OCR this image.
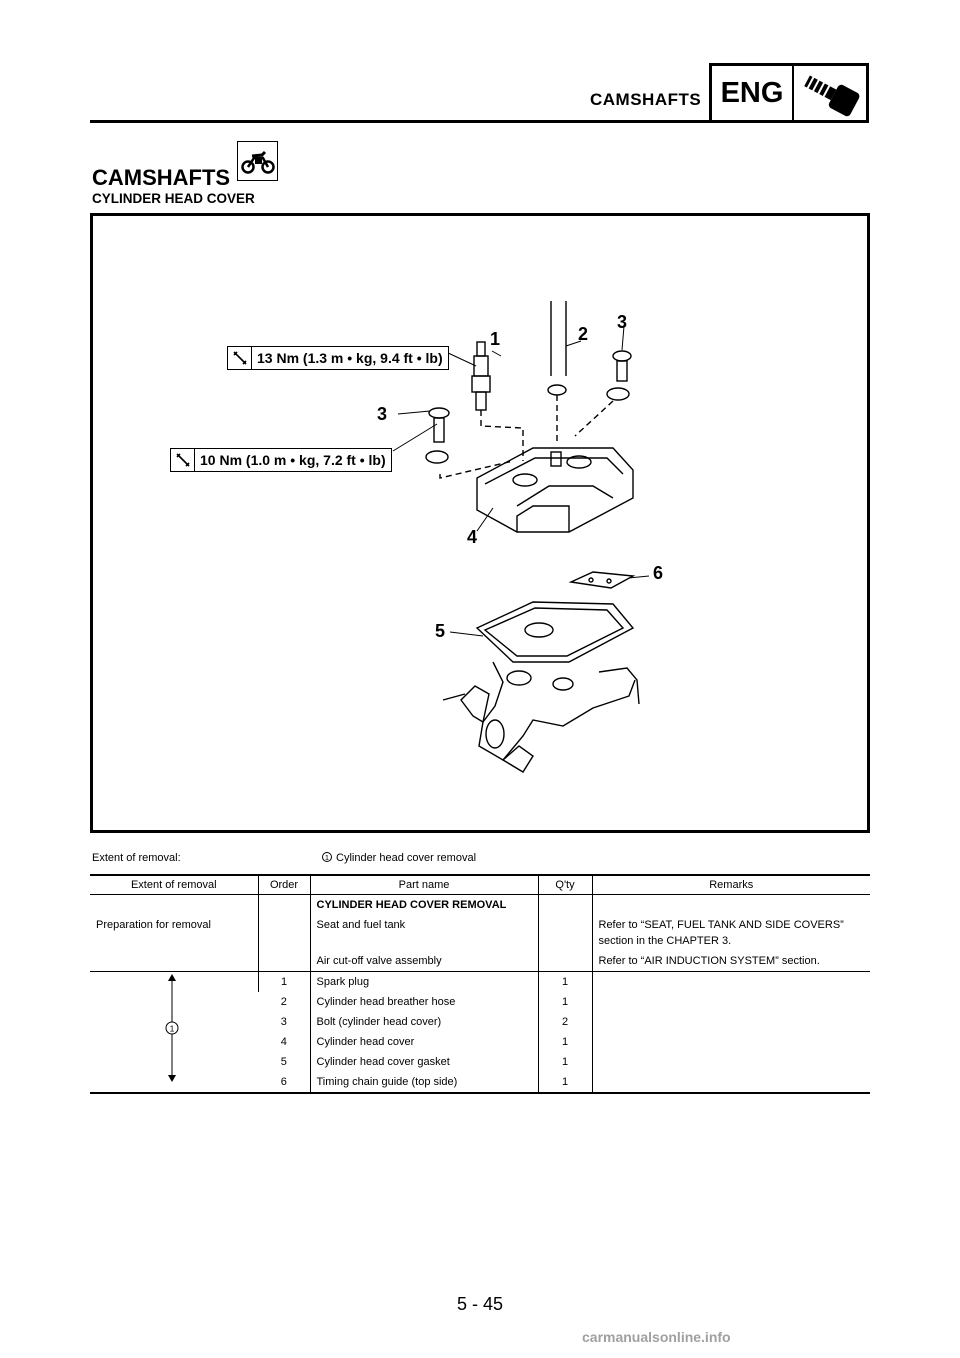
CAMSHAFTS ENG
CAMSHAFTS
CYLINDER HEAD COVER
13 Nm (1.3 m • kg, 9.4 ft • lb)
10 Nm (1.0 m • kg, 7.2 ft • lb)
1	2
3
3
4
5
6
Extent of removal:	1 Cylinder head cover removal
Extent of removal	Order	Part name	Q'ty	Remarks
		CYLINDER HEAD COVER REMOVAL		
Preparation for removal		Seat and fuel tank		Refer to “SEAT, FUEL TANK AND SIDE COVERS” section in the CHAPTER 3.
		Air cut-off valve assembly		Refer to “AIR INDUCTION SYSTEM” section.

1	1	Spark plug	1	
	2	Cylinder head breather hose	1	
	3	Bolt (cylinder head cover)	2	
	4	Cylinder head cover	1	
	5	Cylinder head cover gasket	1	
	6	Timing chain guide (top side)	1	
5 - 45
carmanualsonline.info
